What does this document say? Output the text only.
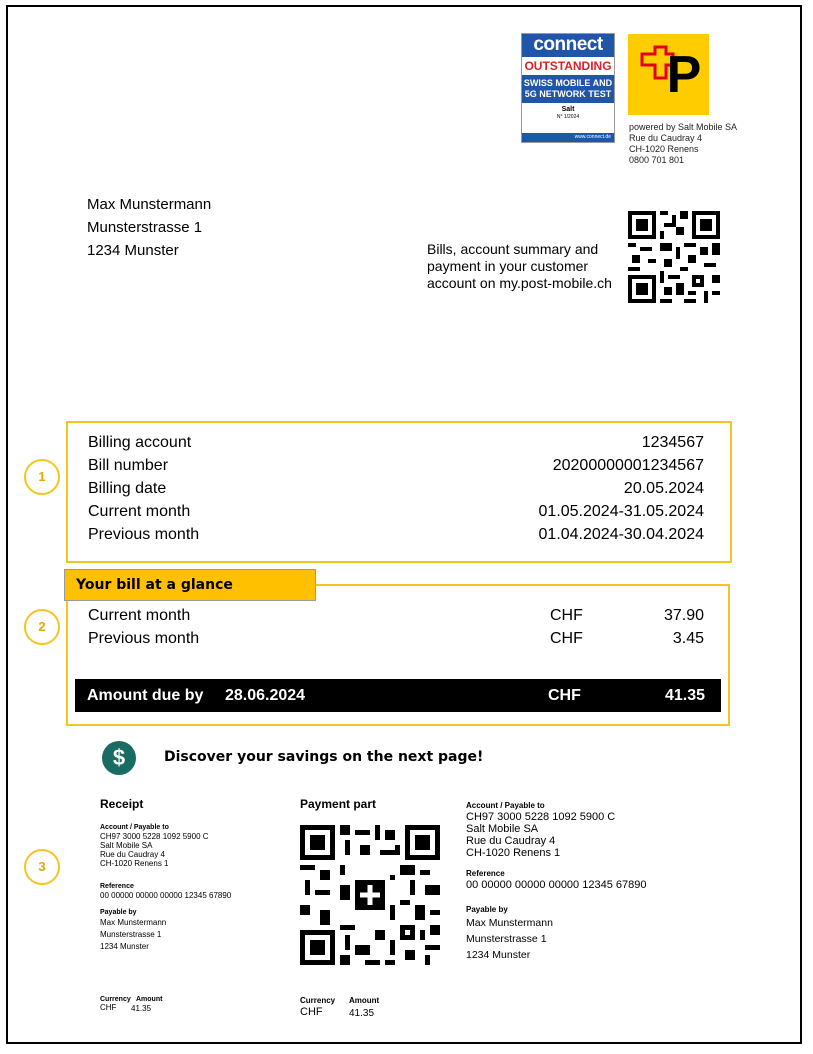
connect
OUTSTANDING
SWISS MOBILE AND 5G NETWORK TEST
Salt
N° 1/2024
www.connect.de
P
powered by Salt Mobile SA
Rue du Caudray 4
CH-1020 Renens
0800 701 801
Max Munstermann
Munsterstrasse 1
1234 Munster	Bills, account summary and
payment in your customer
account on my.post-mobile.ch
1
2
3
Billing account	1234567
Bill number	20200000001234567
Billing date	20.05.2024
Current month	01.05.2024-31.05.2024
Previous month	01.04.2024-30.04.2024
Current month	CHF	37.90
Previous month	CHF	3.45
Your bill at a glance
Amount due by 28.06.2024	CHF	41.35
$	Discover your savings on the next page!
Receipt
Account / Payable to
CH97 3000 5228 1092 5900 C
Salt Mobile SA
Rue du Caudray 4
CH-1020 Renens 1
Reference
00 00000 00000 00000 12345 67890
Payable by
Max Munstermann
Munsterstrasse 1
1234 Munster
Currency Amount
CHF 41.35
Payment part
Currency Amount
CHF	41.35
Account / Payable to
CH97 3000 5228 1092 5900 C
Salt Mobile SA
Rue du Caudray 4
CH-1020 Renens 1
Reference
00 00000 00000 00000 12345 67890
Payable by
Max Munstermann
Munsterstrasse 1
1234 Munster
